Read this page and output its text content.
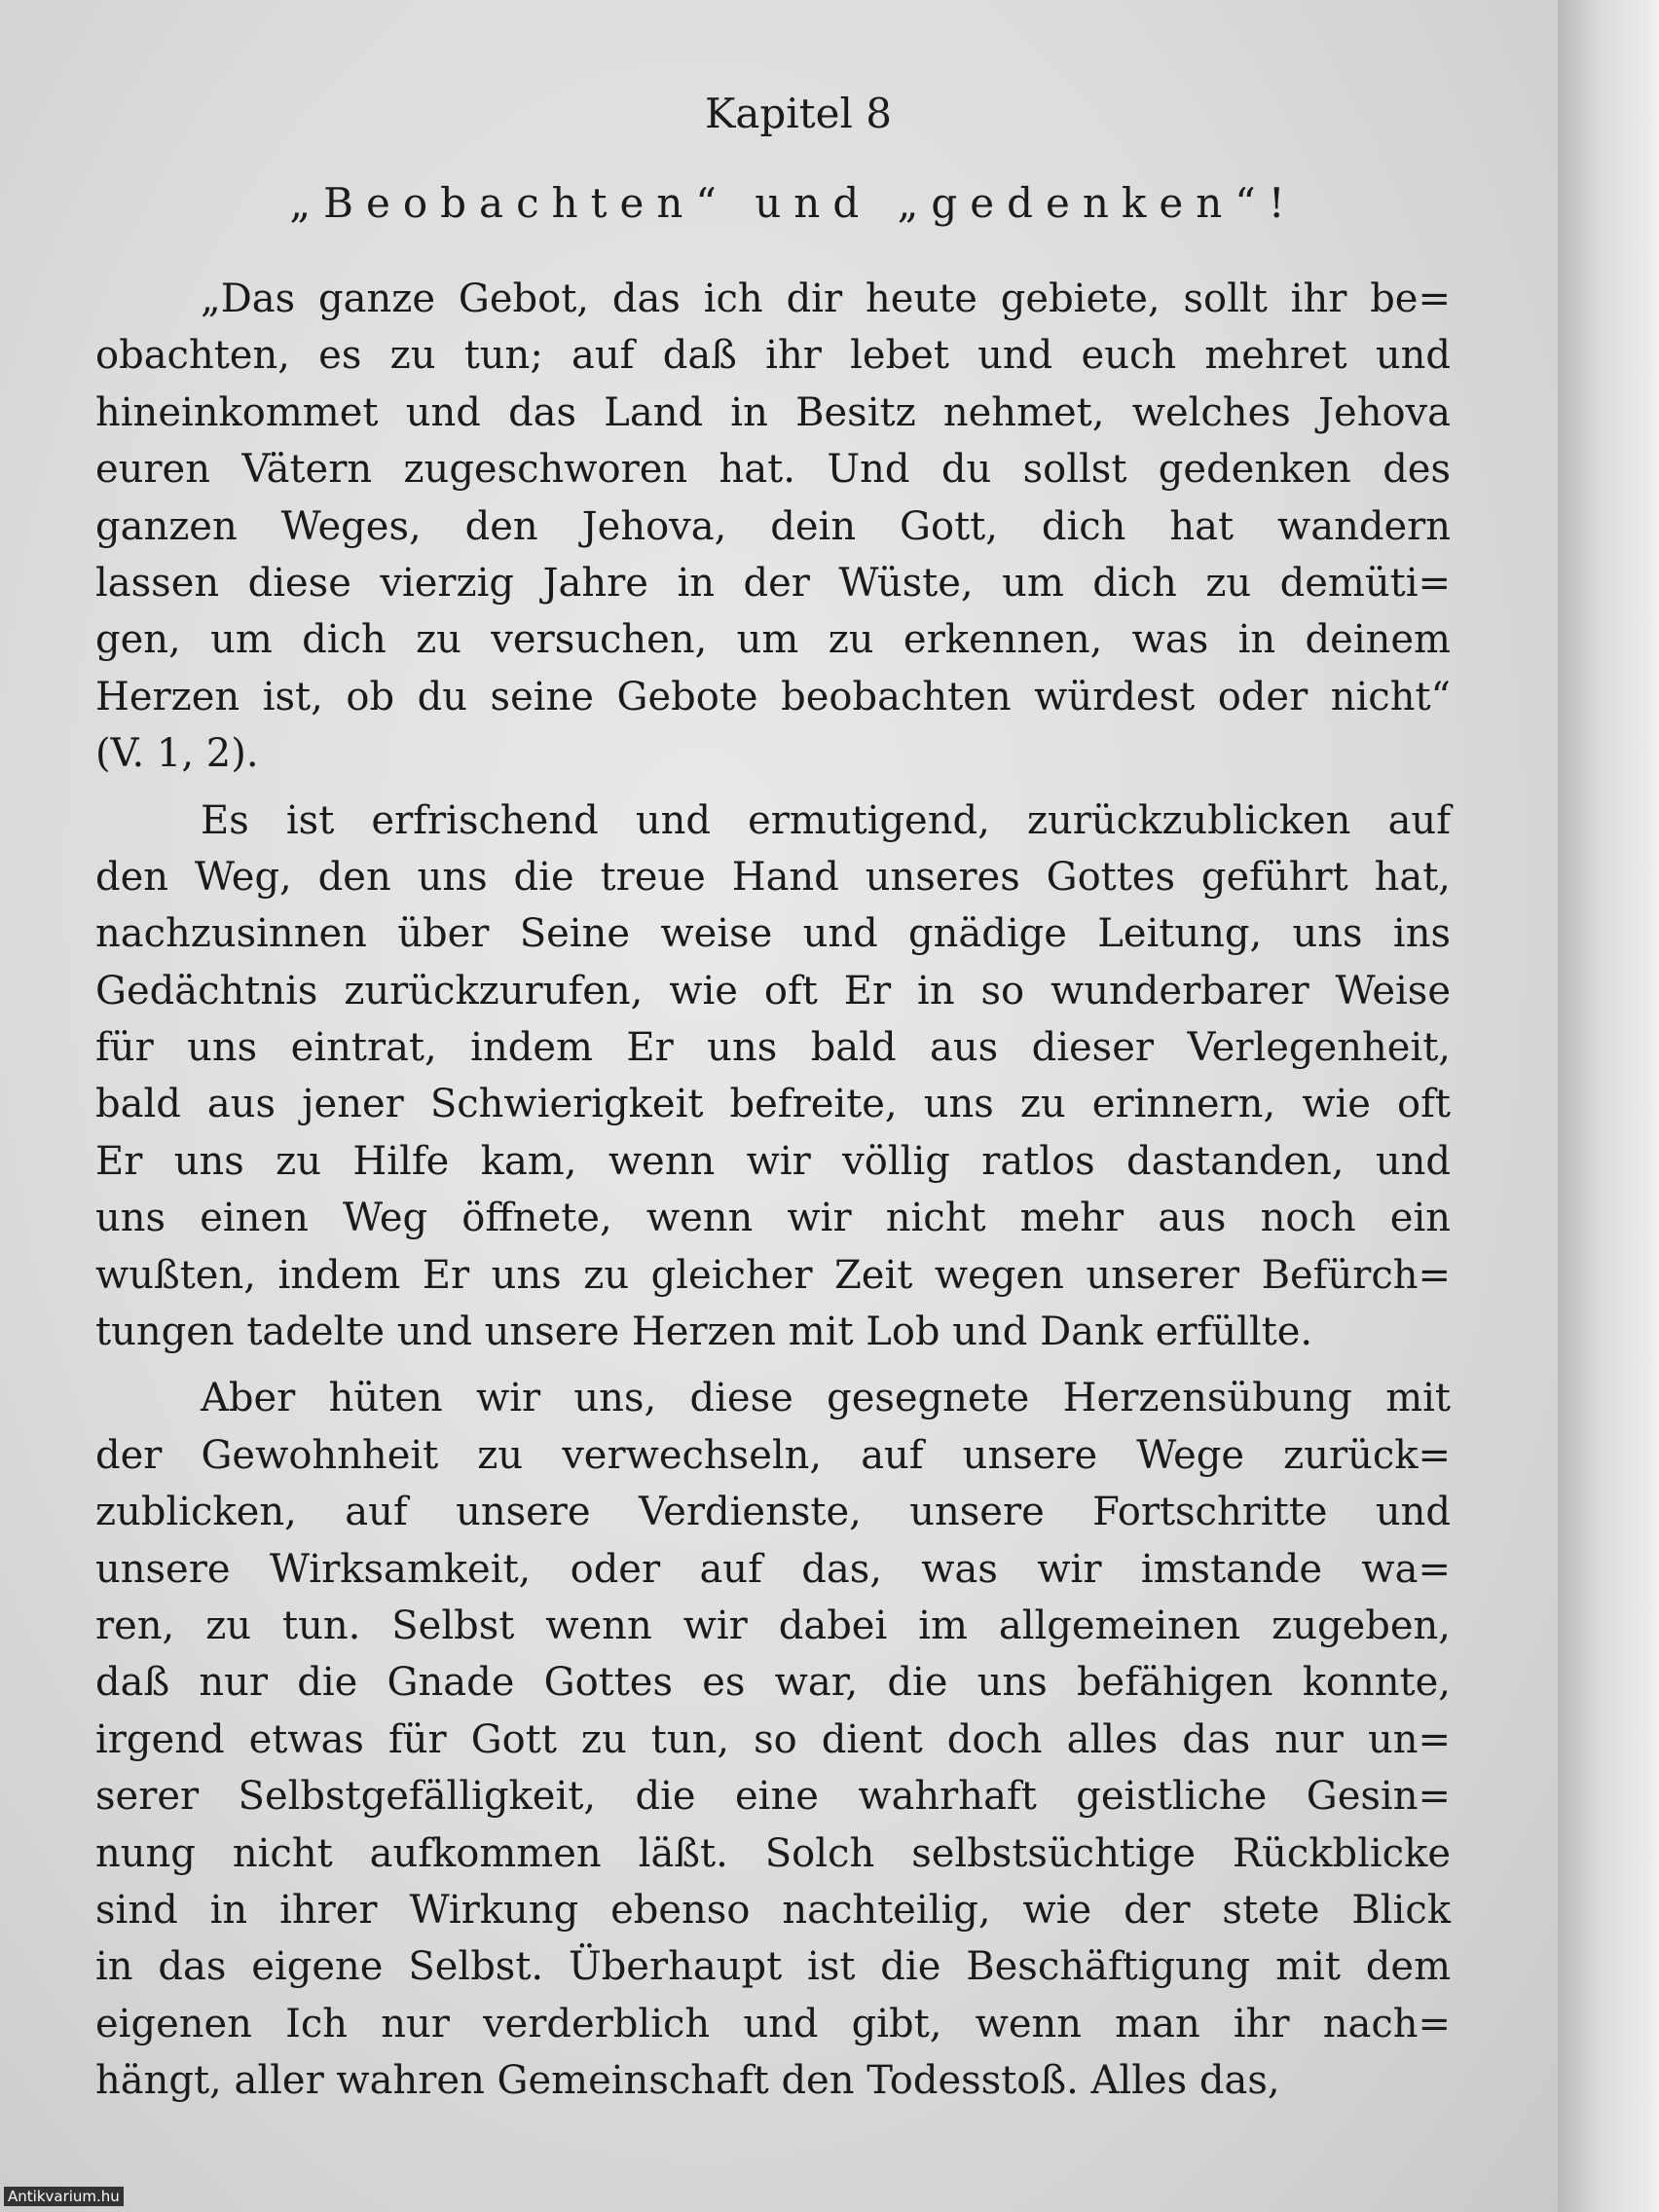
Kapitel 8
„Beobachten“ und „gedenken“!
„Das ganze Gebot, das ich dir heute gebiete, sollt ihr be=
obachten, es zu tun; auf daß ihr lebet und euch mehret und
hineinkommet und das Land in Besitz nehmet, welches Jehova
euren Vätern zugeschworen hat. Und du sollst gedenken des
ganzen Weges, den Jehova, dein Gott, dich hat wandern
lassen diese vierzig Jahre in der Wüste, um dich zu demüti=
gen, um dich zu versuchen, um zu erkennen, was in deinem
Herzen ist, ob du seine Gebote beobachten würdest oder nicht“
(V. 1, 2).
Es ist erfrischend und ermutigend, zurückzublicken auf
den Weg, den uns die treue Hand unseres Gottes geführt hat,
nachzusinnen über Seine weise und gnädige Leitung, uns ins
Gedächtnis zurückzurufen, wie oft Er in so wunderbarer Weise
für uns eintrat, indem Er uns bald aus dieser Verlegenheit,
bald aus jener Schwierigkeit befreite, uns zu erinnern, wie oft
Er uns zu Hilfe kam, wenn wir völlig ratlos dastanden, und
uns einen Weg öffnete, wenn wir nicht mehr aus noch ein
wußten, indem Er uns zu gleicher Zeit wegen unserer Befürch=
tungen tadelte und unsere Herzen mit Lob und Dank erfüllte.
Aber hüten wir uns, diese gesegnete Herzensübung mit
der Gewohnheit zu verwechseln, auf unsere Wege zurück=
zublicken, auf unsere Verdienste, unsere Fortschritte und
unsere Wirksamkeit, oder auf das, was wir imstande wa=
ren, zu tun. Selbst wenn wir dabei im allgemeinen zugeben,
daß nur die Gnade Gottes es war, die uns befähigen konnte,
irgend etwas für Gott zu tun, so dient doch alles das nur un=
serer Selbstgefälligkeit, die eine wahrhaft geistliche Gesin=
nung nicht aufkommen läßt. Solch selbstsüchtige Rückblicke
sind in ihrer Wirkung ebenso nachteilig, wie der stete Blick
in das eigene Selbst. Überhaupt ist die Beschäftigung mit dem
eigenen Ich nur verderblich und gibt, wenn man ihr nach=
hängt, aller wahren Gemeinschaft den Todesstoß. Alles das,
Antikvarium.hu
